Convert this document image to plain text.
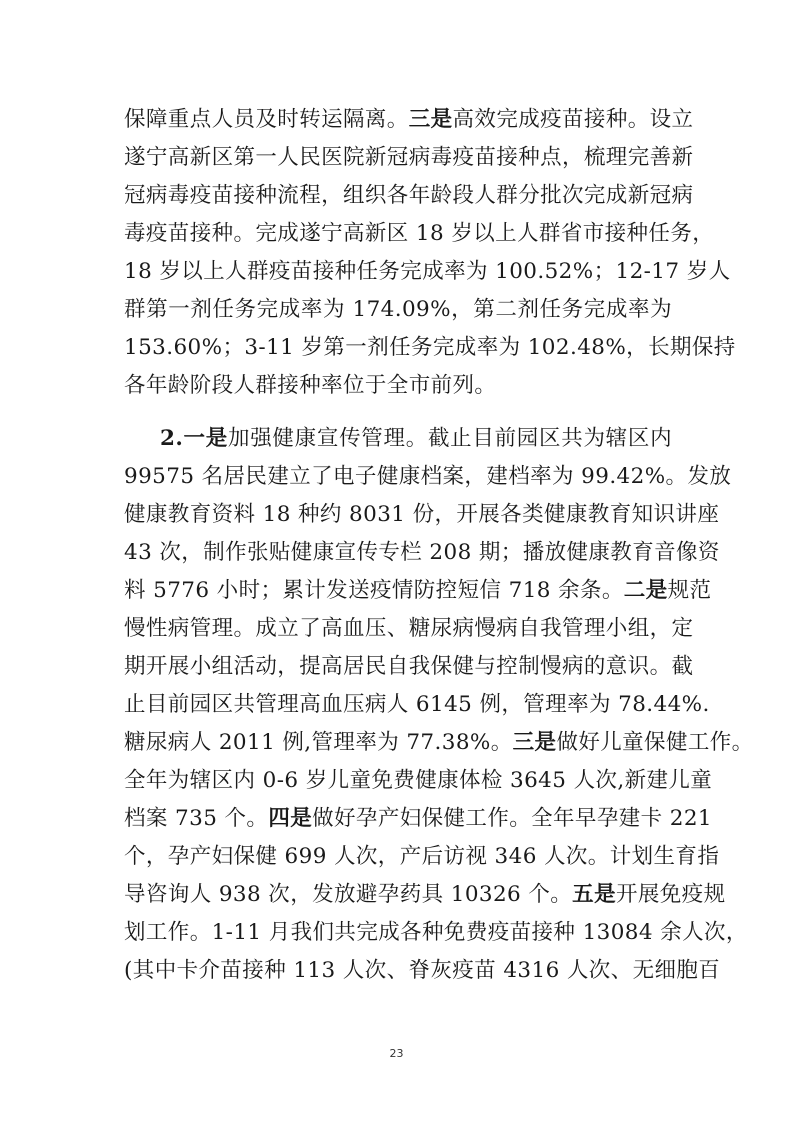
保障重点人员及时转运隔离。三是高效完成疫苗接种。设立
遂宁高新区第一人民医院新冠病毒疫苗接种点，梳理完善新
冠病毒疫苗接种流程，组织各年龄段人群分批次完成新冠病
毒疫苗接种。完成遂宁高新区 18 岁以上人群省市接种任务，
18 岁以上人群疫苗接种任务完成率为 100.52%；12-17 岁人
群第一剂任务完成率为 174.09%，第二剂任务完成率为
153.60%；3-11 岁第一剂任务完成率为 102.48%，长期保持
各年龄阶段人群接种率位于全市前列。
2.一是加强健康宣传管理。截止目前园区共为辖区内
99575 名居民建立了电子健康档案，建档率为 99.42%。发放
健康教育资料 18 种约 8031 份，开展各类健康教育知识讲座
43 次，制作张贴健康宣传专栏 208 期；播放健康教育音像资
料 5776 小时；累计发送疫情防控短信 718 余条。二是规范
慢性病管理。成立了高血压、糖尿病慢病自我管理小组，定
期开展小组活动，提高居民自我保健与控制慢病的意识。截
止目前园区共管理高血压病人 6145 例，管理率为 78.44%.
糖尿病人 2011 例,管理率为 77.38%。三是做好儿童保健工作。
全年为辖区内 0-6 岁儿童免费健康体检 3645 人次,新建儿童
档案 735 个。四是做好孕产妇保健工作。全年早孕建卡 221
个，孕产妇保健 699 人次，产后访视 346 人次。计划生育指
导咨询人 938 次，发放避孕药具 10326 个。五是开展免疫规
划工作。1-11 月我们共完成各种免费疫苗接种 13084 余人次，
(其中卡介苗接种 113 人次、脊灰疫苗 4316 人次、无细胞百
23
